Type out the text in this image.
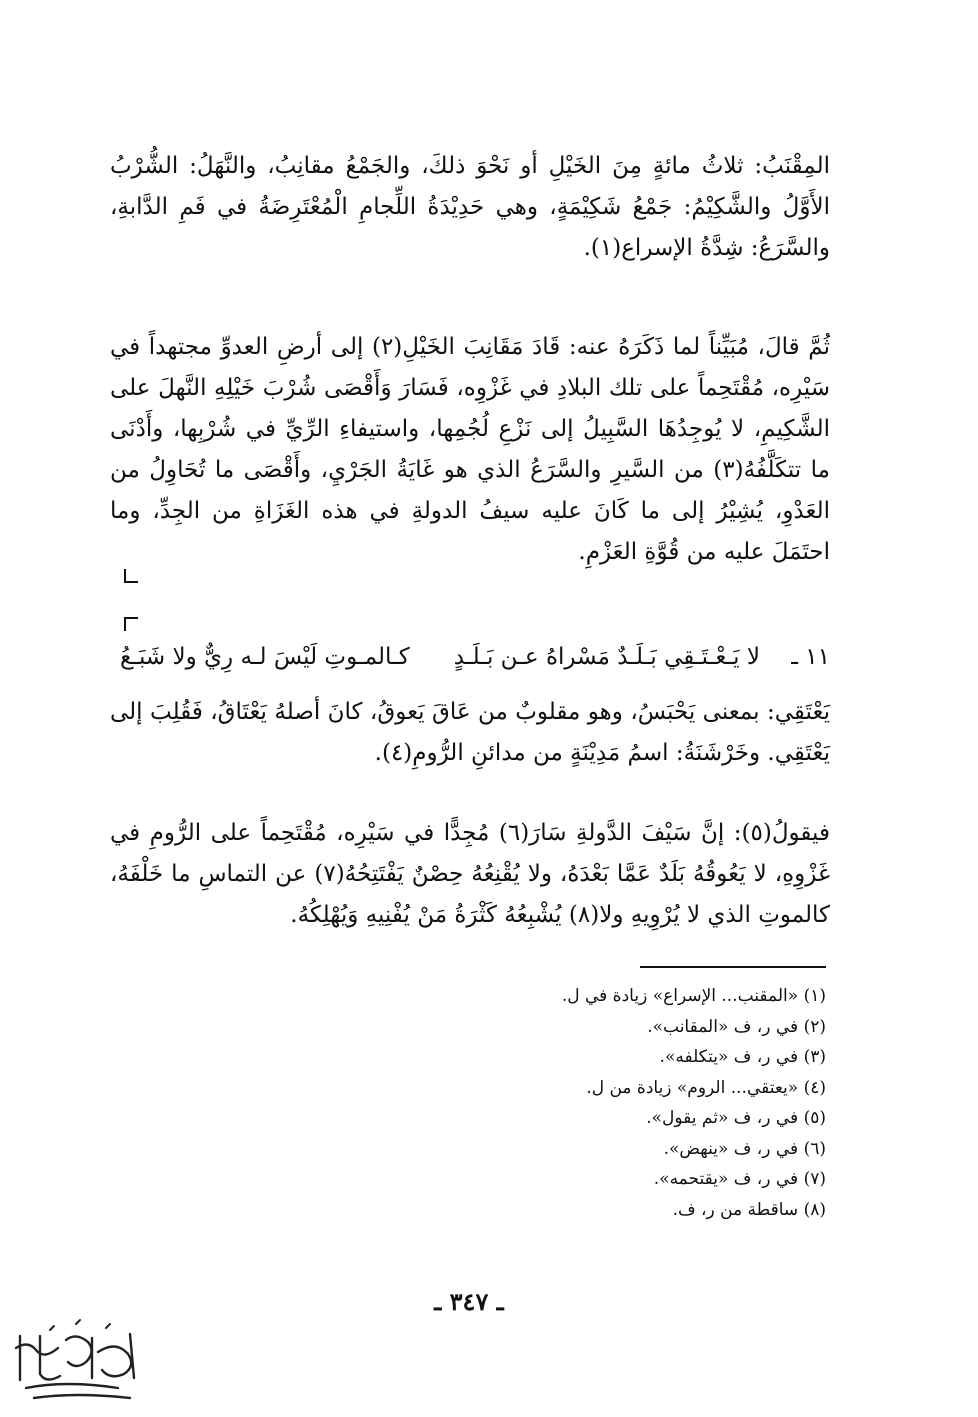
المِقْنَبُ: ثلاثُ مائةٍ مِنَ الخَيْلِ أو نَحْوَ ذلكَ، والجَمْعُ مقانِبُ، والنَّهَلُ: الشُّرْبُ الأَوَّلُ والشَّكِيْمُ: جَمْعُ شَكِيْمَةٍ، وهي حَدِيْدَةُ اللِّجامِ الْمُعْتَرِضَةُ في فَمِ الدَّابةِ، والسَّرَعُ: شِدَّةُ الإسراع(١).

ثُمَّ قالَ، مُبَيِّناً لما ذَكَرَهُ عنه: قَادَ مَقَانِبَ الخَيْلِ(٢) إلى أرضِ العدوِّ مجتهداً في سَيْرِه، مُقْتَحِماً على تلك البلادِ في غَزْوِه، فَسَارَ وَأَقْصَى شُرْبَ خَيْلِهِ النَّهلَ على الشَّكِيمِ، لا يُوجِدُهَا السَّبِيلُ إلى نَزْعِ لُجُمِها، واستيفاءِ الرِّيِّ في شُرْبِها، وأَدْنَى ما تتكَلَّفُهُ(٣) من السَّيرِ والسَّرَعُ الذي هو غَايَةُ الجَرْيِ، وأَقْصَى ما تُحَاوِلُ من العَدْوِ، يُشِيْرُ إلى ما كَانَ عليه سيفُ الدولةِ في هذه الغَزَاةِ من الجِدِّ، وما احتَمَلَ عليه من قُوَّةِ العَزْمِ.

١١ ـ
لا يَـعْـتَـقِي بَـلَـدٌ مَسْراهُ عـن بَـلَـدٍ
كـالمـوتِ لَيْسَ لـه رِيٌّ ولا شَبَـعُ

يَعْتَقِي: بمعنى يَحْبَسُ، وهو مقلوبٌ من عَاقَ يَعوقُ، كانَ أصلهُ يَعْتَاقُ، فَقُلِبَ إلى يَعْتَقِي. وخَرْشَنَةُ: اسمُ مَدِيْنَةٍ من مدائنِ الرُّومِ(٤).

فيقولُ(٥): إنَّ سَيْفَ الدَّولةِ سَارَ(٦) مُجِدًّا في سَيْرِه، مُقْتَحِماً على الرُّومِ في غَزْوِهِ، لا يَعُوقُهُ بَلَدٌ عَمَّا بَعْدَهُ، ولا يُقْنِعُهُ حِصْنٌ يَفْتَتِحُهُ(٧) عن التماسِ ما خَلْفَهُ، كالموتِ الذي لا يُرْوِيهِ ولا(٨) يُشْبِعُهُ كَثْرَةُ مَنْ يُفْنِيهِ وَيُهْلِكُهُ.

(١) «المقنب... الإسراع» زيادة في ل.
(٢) في ر، ف «المقانب».
(٣) في ر، ف «يتكلفه».
(٤) «يعتقي... الروم» زيادة من ل.
(٥) في ر، ف «ثم يقول».
(٦) في ر، ف «ينهض».
(٧) في ر، ف «يقتحمه».
(٨) ساقطة من ر، ف.
ـ ٣٤٧ ـ
